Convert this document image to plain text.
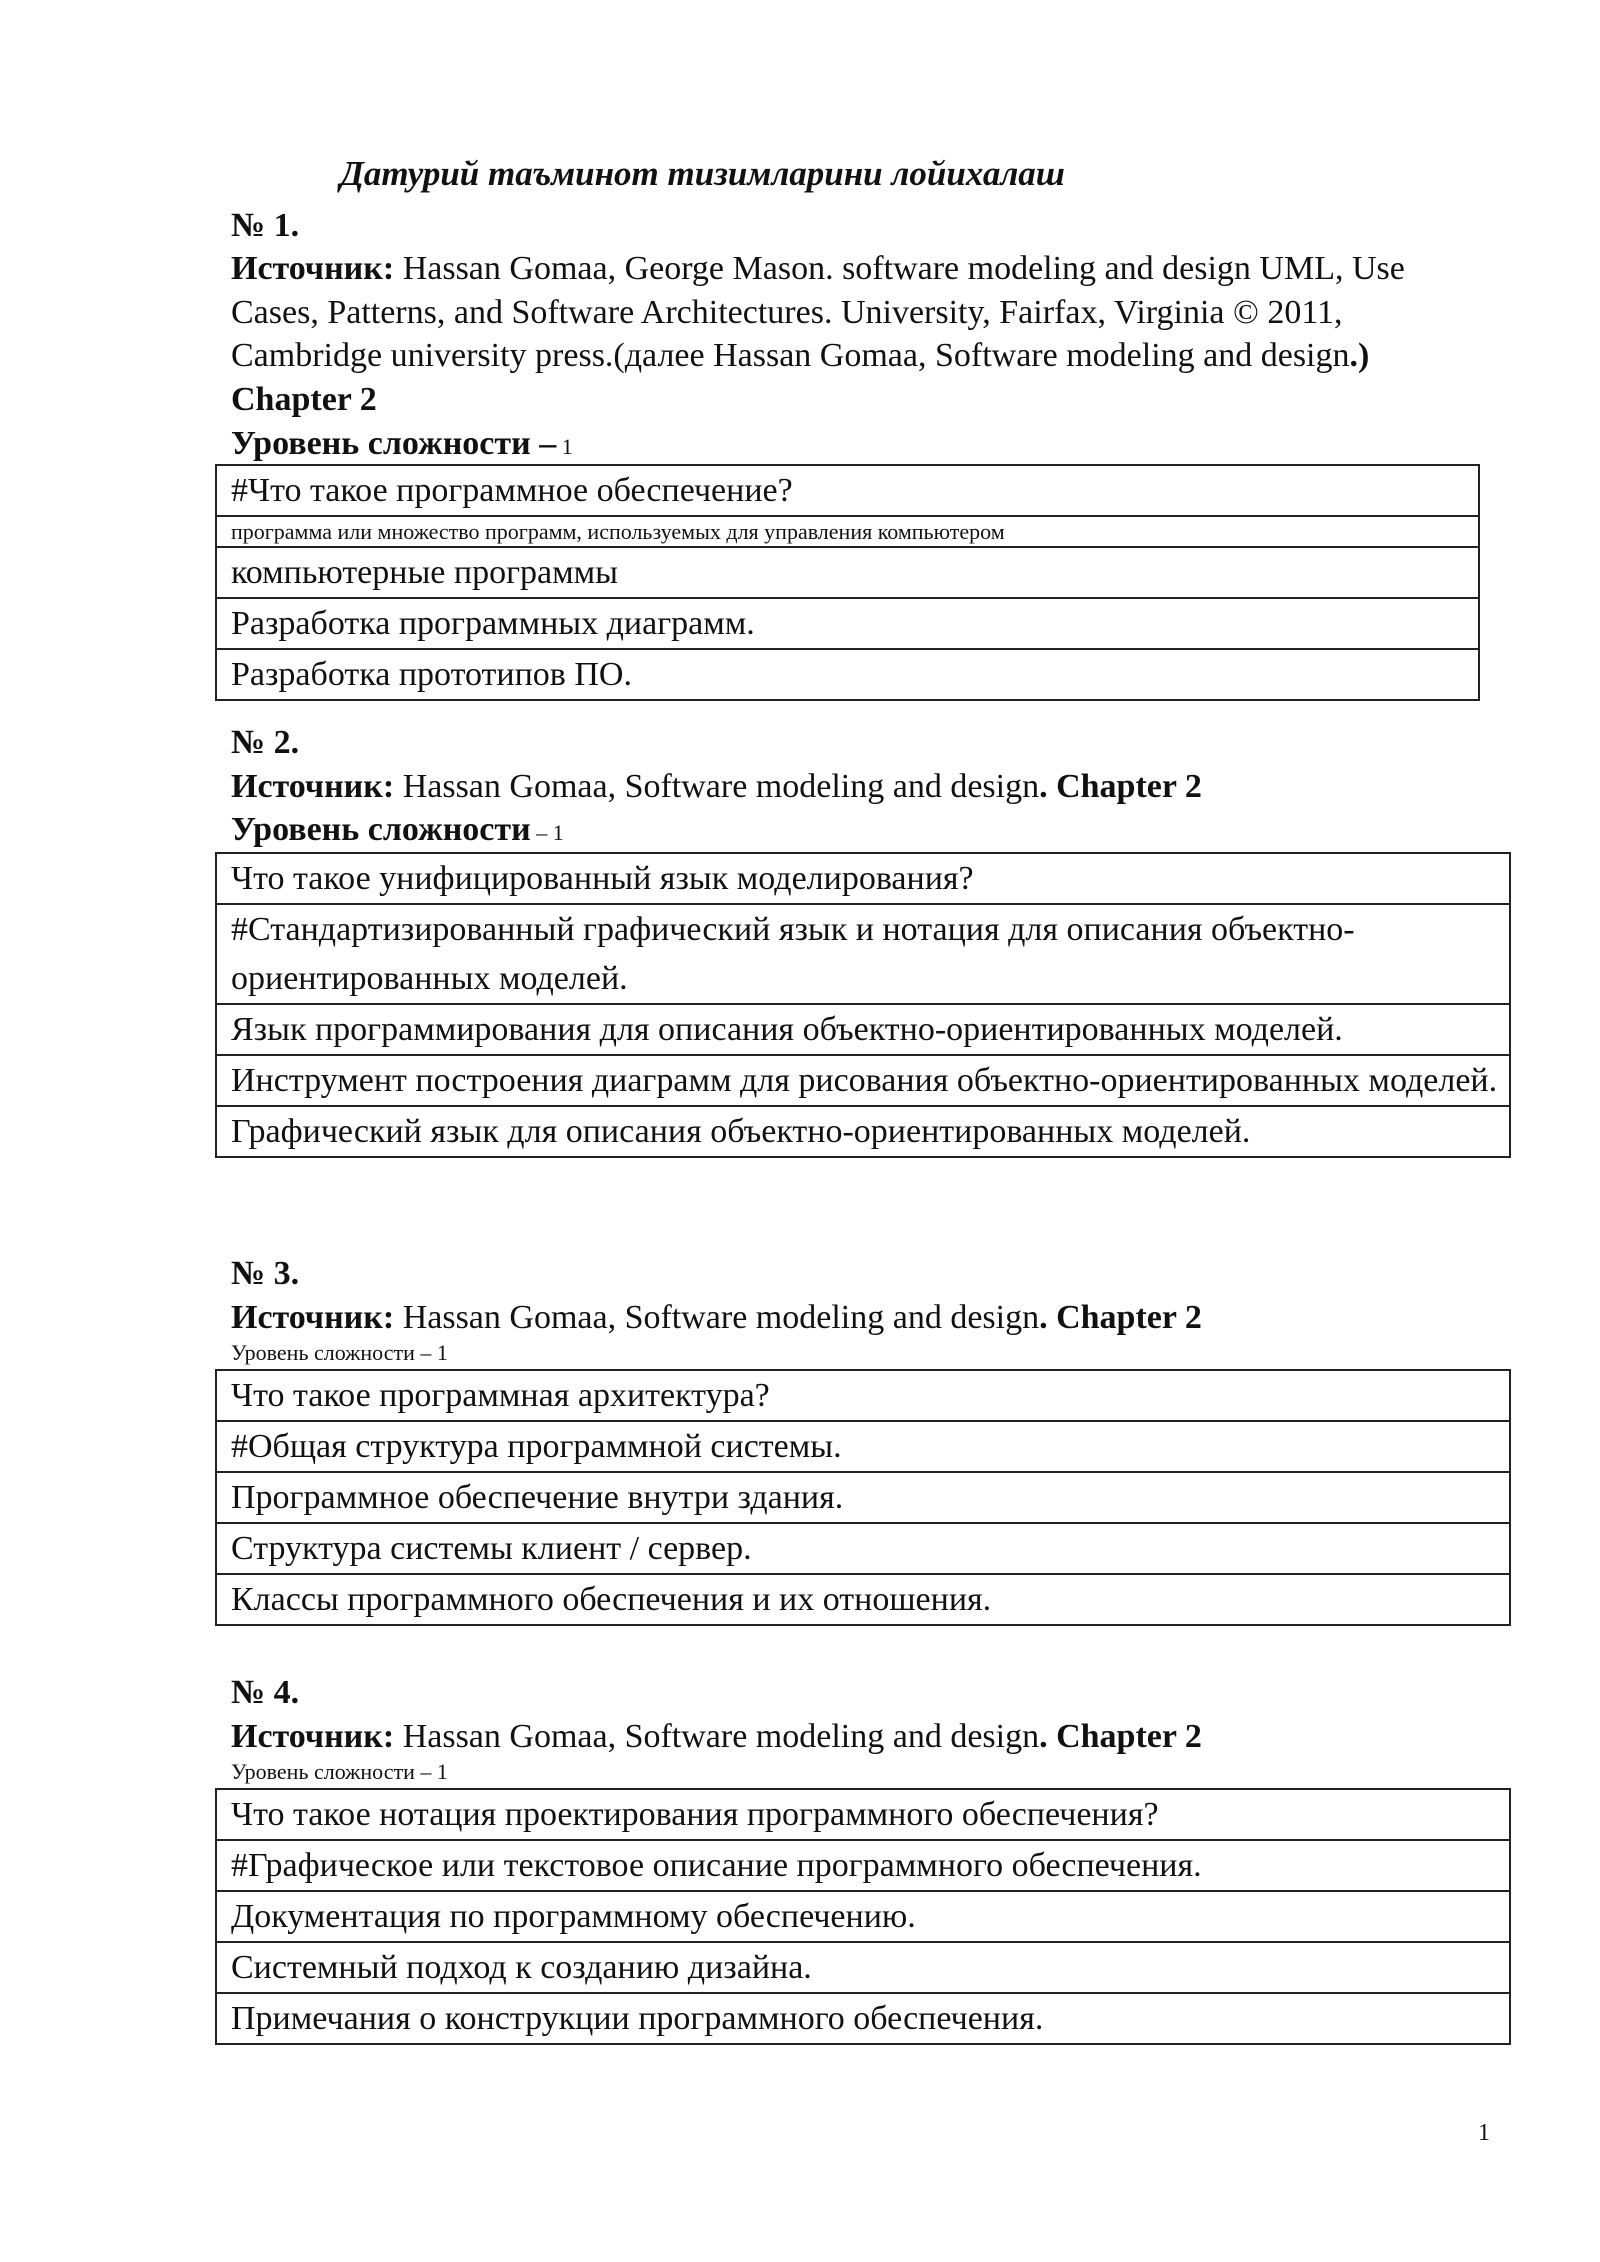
Датурий таъминот тизимларини лойихалаш
№ 1.
Источник: Hassan Gomaa, George Mason. software modeling and design UML, Use Cases, Patterns, and Software Architectures. University, Fairfax, Virginia © 2011, Cambridge university press.(далее Hassan Gomaa, Software modeling and design.) Chapter 2
Уровень сложности – 1
#Что такое программное обеспечение?
программа или множество программ, используемых для управления компьютером
компьютерные программы
Разработка программных диаграмм.
Разработка прототипов ПО.
№ 2.
Источник: Hassan Gomaa, Software modeling and design. Chapter 2
Уровень сложности – 1
Что такое унифицированный язык моделирования?
#Стандартизированный графический язык и нотация для описания объектно-ориентированных моделей.
Язык программирования для описания объектно-ориентированных моделей.
Инструмент построения диаграмм для рисования объектно-ориентированных моделей.
Графический язык для описания объектно-ориентированных моделей.
№ 3.
Источник: Hassan Gomaa, Software modeling and design. Chapter 2
Уровень сложности – 1
Что такое программная архитектура?
#Общая структура программной системы.
Программное обеспечение внутри здания.
Структура системы клиент / сервер.
Классы программного обеспечения и их отношения.
№ 4.
Источник: Hassan Gomaa, Software modeling and design. Chapter 2
Уровень сложности – 1
Что такое нотация проектирования программного обеспечения?
#Графическое или текстовое описание программного обеспечения.
Документация по программному обеспечению.
Системный подход к созданию дизайна.
Примечания о конструкции программного обеспечения.
1
